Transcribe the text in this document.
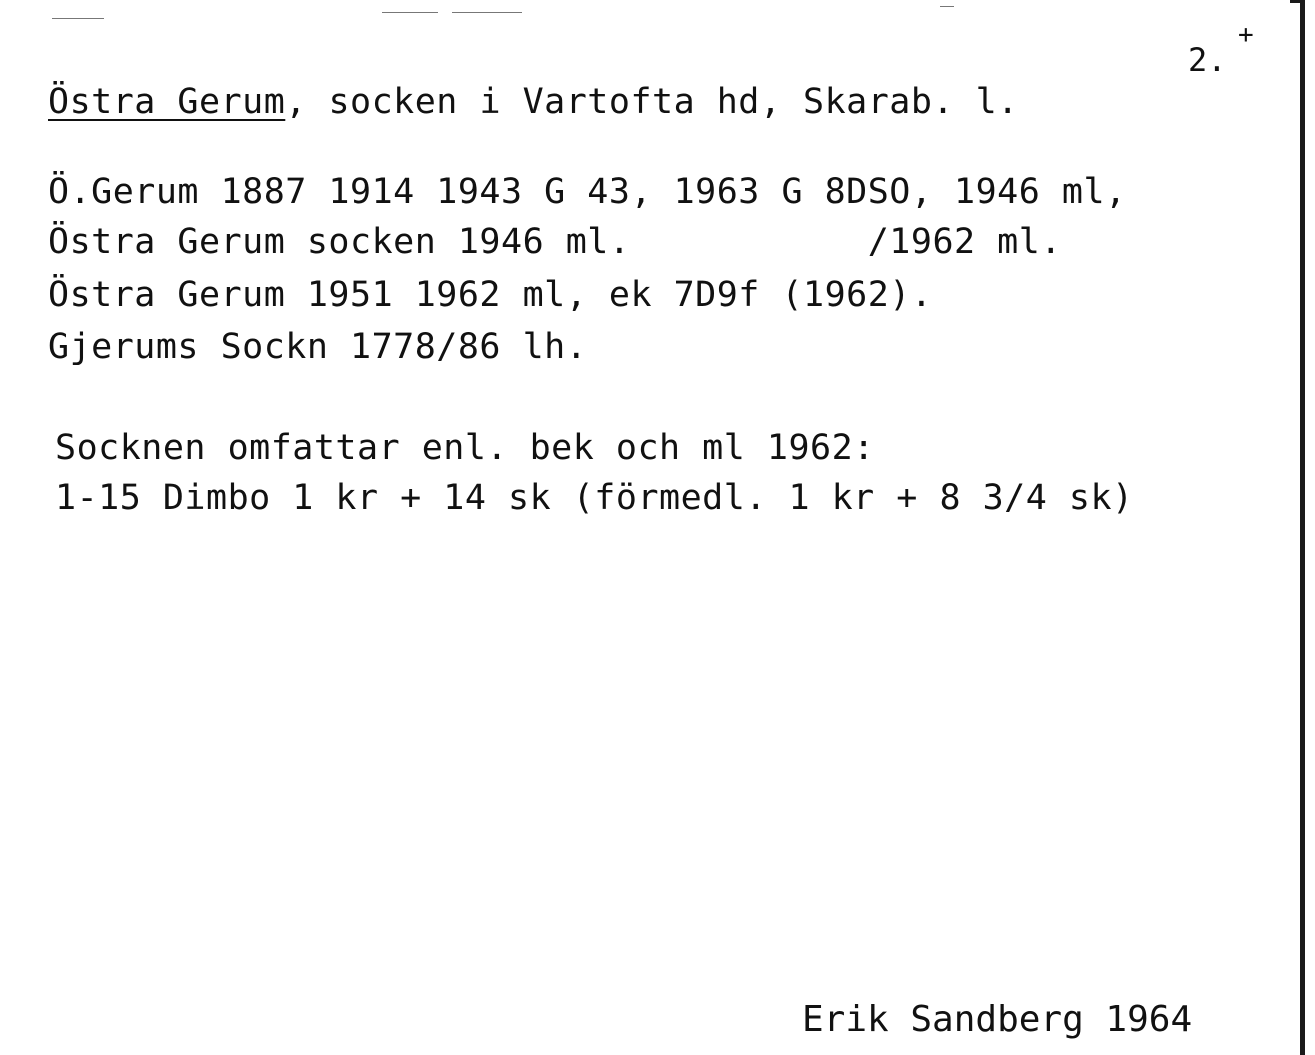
2.
+
Östra Gerum, socken i Vartofta hd, Skarab. l.
Ö.Gerum 1887 1914 1943 G 43, 1963 G 8DSO, 1946 ml,
Östra Gerum socken 1946 ml.           /1962 ml.
Östra Gerum 1951 1962 ml, ek 7D9f (1962).
Gjerums Sockn 1778/86 lh.
Socknen omfattar enl. bek och ml 1962:
1-15 Dimbo 1 kr + 14 sk (förmedl. 1 kr + 8 3/4 sk)
Erik Sandberg 1964
